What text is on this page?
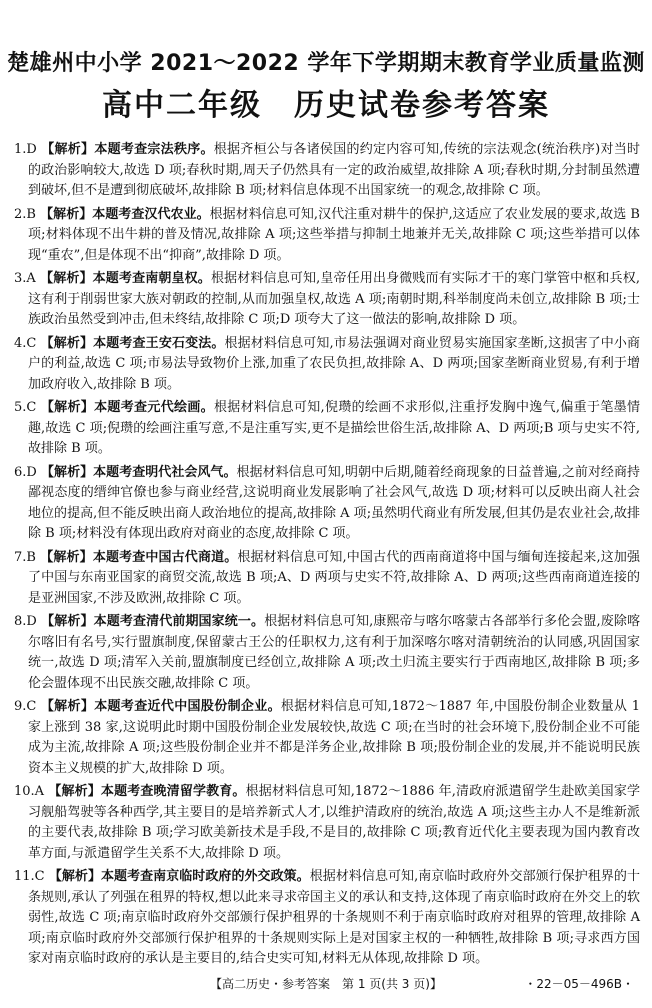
楚雄州中小学 2021～2022 学年下学期期末教育学业质量监测
高中二年级　历史试卷参考答案
1.D 【解析】本题考查宗法秩序。根据齐桓公与各诸侯国的约定内容可知,传统的宗法观念(统治秩序)对当时的政治影响较大,故选 D 项;春秋时期,周天子仍然具有一定的政治威望,故排除 A 项;春秋时期,分封制虽然遭到破坏,但不是遭到彻底破坏,故排除 B 项;材料信息体现不出国家统一的观念,故排除 C 项。
2.B 【解析】本题考查汉代农业。根据材料信息可知,汉代注重对耕牛的保护,这适应了农业发展的要求,故选 B 项;材料体现不出牛耕的普及情况,故排除 A 项;这些举措与抑制土地兼并无关,故排除 C 项;这些举措可以体现“重农”,但是体现不出“抑商”,故排除 D 项。
3.A 【解析】本题考查南朝皇权。根据材料信息可知,皇帝任用出身微贱而有实际才干的寒门掌管中枢和兵权,这有利于削弱世家大族对朝政的控制,从而加强皇权,故选 A 项;南朝时期,科举制度尚未创立,故排除 B 项;士族政治虽然受到冲击,但未终结,故排除 C 项;D 项夸大了这一做法的影响,故排除 D 项。
4.C 【解析】本题考查王安石变法。根据材料信息可知,市易法强调对商业贸易实施国家垄断,这损害了中小商户的利益,故选 C 项;市易法导致物价上涨,加重了农民负担,故排除 A、D 两项;国家垄断商业贸易,有利于增加政府收入,故排除 B 项。
5.C 【解析】本题考查元代绘画。根据材料信息可知,倪瓒的绘画不求形似,注重抒发胸中逸气,偏重于笔墨情趣,故选 C 项;倪瓒的绘画注重写意,不是注重写实,更不是描绘世俗生活,故排除 A、D 两项;B 项与史实不符,故排除 B 项。
6.D 【解析】本题考查明代社会风气。根据材料信息可知,明朝中后期,随着经商现象的日益普遍,之前对经商持鄙视态度的缙绅官僚也参与商业经营,这说明商业发展影响了社会风气,故选 D 项;材料可以反映出商人社会地位的提高,但不能反映出商人政治地位的提高,故排除 A 项;虽然明代商业有所发展,但其仍是农业社会,故排除 B 项;材料没有体现出政府对商业的态度,故排除 C 项。
7.B 【解析】本题考查中国古代商道。根据材料信息可知,中国古代的西南商道将中国与缅甸连接起来,这加强了中国与东南亚国家的商贸交流,故选 B 项;A、D 两项与史实不符,故排除 A、D 两项;这些西南商道连接的是亚洲国家,不涉及欧洲,故排除 C 项。
8.D 【解析】本题考查清代前期国家统一。根据材料信息可知,康熙帝与喀尔喀蒙古各部举行多伦会盟,废除喀尔喀旧有名号,实行盟旗制度,保留蒙古王公的任职权力,这有利于加深喀尔喀对清朝统治的认同感,巩固国家统一,故选 D 项;清军入关前,盟旗制度已经创立,故排除 A 项;改土归流主要实行于西南地区,故排除 B 项;多伦会盟体现不出民族交融,故排除 C 项。
9.C 【解析】本题考查近代中国股份制企业。根据材料信息可知,1872～1887 年,中国股份制企业数量从 1 家上涨到 38 家,这说明此时期中国股份制企业发展较快,故选 C 项;在当时的社会环境下,股份制企业不可能成为主流,故排除 A 项;这些股份制企业并不都是洋务企业,故排除 B 项;股份制企业的发展,并不能说明民族资本主义规模的扩大,故排除 D 项。
10.A 【解析】本题考查晚清留学教育。根据材料信息可知,1872～1886 年,清政府派遣留学生赴欧美国家学习舰船驾驶等各种西学,其主要目的是培养新式人才,以维护清政府的统治,故选 A 项;这些主办人不是维新派的主要代表,故排除 B 项;学习欧美新技术是手段,不是目的,故排除 C 项;教育近代化主要表现为国内教育改革方面,与派遣留学生关系不大,故排除 D 项。
11.C 【解析】本题考查南京临时政府的外交政策。根据材料信息可知,南京临时政府外交部颁行保护租界的十条规则,承认了列强在租界的特权,想以此来寻求帝国主义的承认和支持,这体现了南京临时政府在外交上的软弱性,故选 C 项;南京临时政府外交部颁行保护租界的十条规则不利于南京临时政府对租界的管理,故排除 A 项;南京临时政府外交部颁行保护租界的十条规则实际上是对国家主权的一种牺牲,故排除 B 项;寻求西方国家对南京临时政府的承认是主要目的,结合史实可知,材料无从体现,故排除 D 项。
【高二历史・参考答案　第 1 页(共 3 页)】	・22－05－496B・
